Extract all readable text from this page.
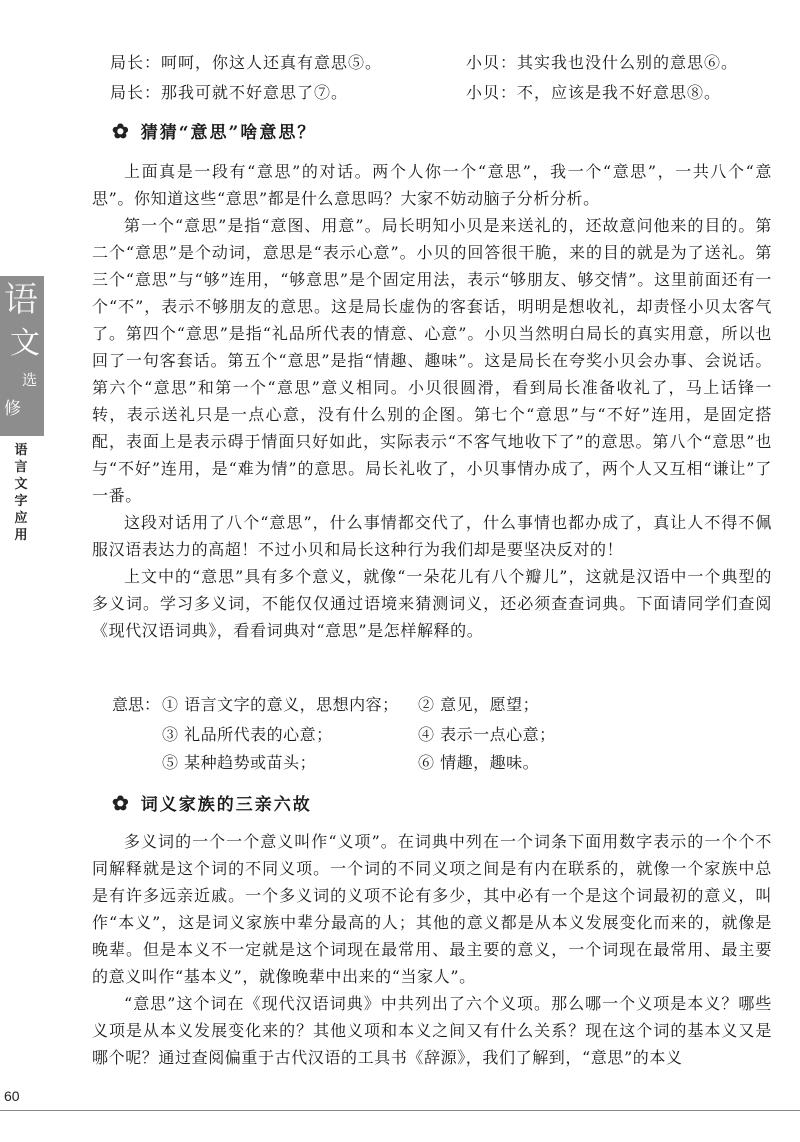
语
文
选
修
语
言
文
字
应
用
局长：呵呵，你这人还真有意思⑤。	小贝：其实我也没什么别的意思⑥。
局长：那我可就不好意思了⑦。	小贝：不，应该是我不好意思⑧。
✿ 猜猜“意思”啥意思？

上面真是一段有“意思”的对话。两个人你一个“意思”，我一个“意思”，一共八个“意思”。你知道这些“意思”都是什么意思吗？大家不妨动脑子分析分析。

第一个“意思”是指“意图、用意”。局长明知小贝是来送礼的，还故意问他来的目的。第二个“意思”是个动词，意思是“表示心意”。小贝的回答很干脆，来的目的就是为了送礼。第三个“意思”与“够”连用，“够意思”是个固定用法，表示“够朋友、够交情”。这里前面还有一个“不”，表示不够朋友的意思。这是局长虚伪的客套话，明明是想收礼，却责怪小贝太客气了。第四个“意思”是指“礼品所代表的情意、心意”。小贝当然明白局长的真实用意，所以也回了一句客套话。第五个“意思”是指“情趣、趣味”。这是局长在夸奖小贝会办事、会说话。第六个“意思”和第一个“意思”意义相同。小贝很圆滑，看到局长准备收礼了，马上话锋一转，表示送礼只是一点心意，没有什么别的企图。第七个“意思”与“不好”连用，是固定搭配，表面上是表示碍于情面只好如此，实际表示“不客气地收下了”的意思。第八个“意思”也与“不好”连用，是“难为情”的意思。局长礼收了，小贝事情办成了，两个人又互相“谦让”了一番。

这段对话用了八个“意思”，什么事情都交代了，什么事情也都办成了，真让人不得不佩服汉语表达力的高超！不过小贝和局长这种行为我们却是要坚决反对的！

上文中的“意思”具有多个意义，就像“一朵花儿有八个瓣儿”，这就是汉语中一个典型的多义词。学习多义词，不能仅仅通过语境来猜测词义，还必须查查词典。下面请同学们查阅《现代汉语词典》，看看词典对“意思”是怎样解释的。

意思： ① 语言文字的意义，思想内容； ② 意见，愿望；
③ 礼品所代表的心意；	④ 表示一点心意；
⑤ 某种趋势或苗头；	⑥ 情趣，趣味。
✿ 词义家族的三亲六故

多义词的一个一个意义叫作“义项”。在词典中列在一个词条下面用数字表示的一个个不同解释就是这个词的不同义项。一个词的不同义项之间是有内在联系的，就像一个家族中总是有许多远亲近戚。一个多义词的义项不论有多少，其中必有一个是这个词最初的意义，叫作“本义”，这是词义家族中辈分最高的人；其他的意义都是从本义发展变化而来的，就像是晚辈。但是本义不一定就是这个词现在最常用、最主要的意义，一个词现在最常用、最主要的意义叫作“基本义”，就像晚辈中出来的“当家人”。

“意思”这个词在《现代汉语词典》中共列出了六个义项。那么哪一个义项是本义？哪些义项是从本义发展变化来的？其他义项和本义之间又有什么关系？现在这个词的基本义又是哪个呢？通过查阅偏重于古代汉语的工具书《辞源》，我们了解到，“意思”的本义

60
